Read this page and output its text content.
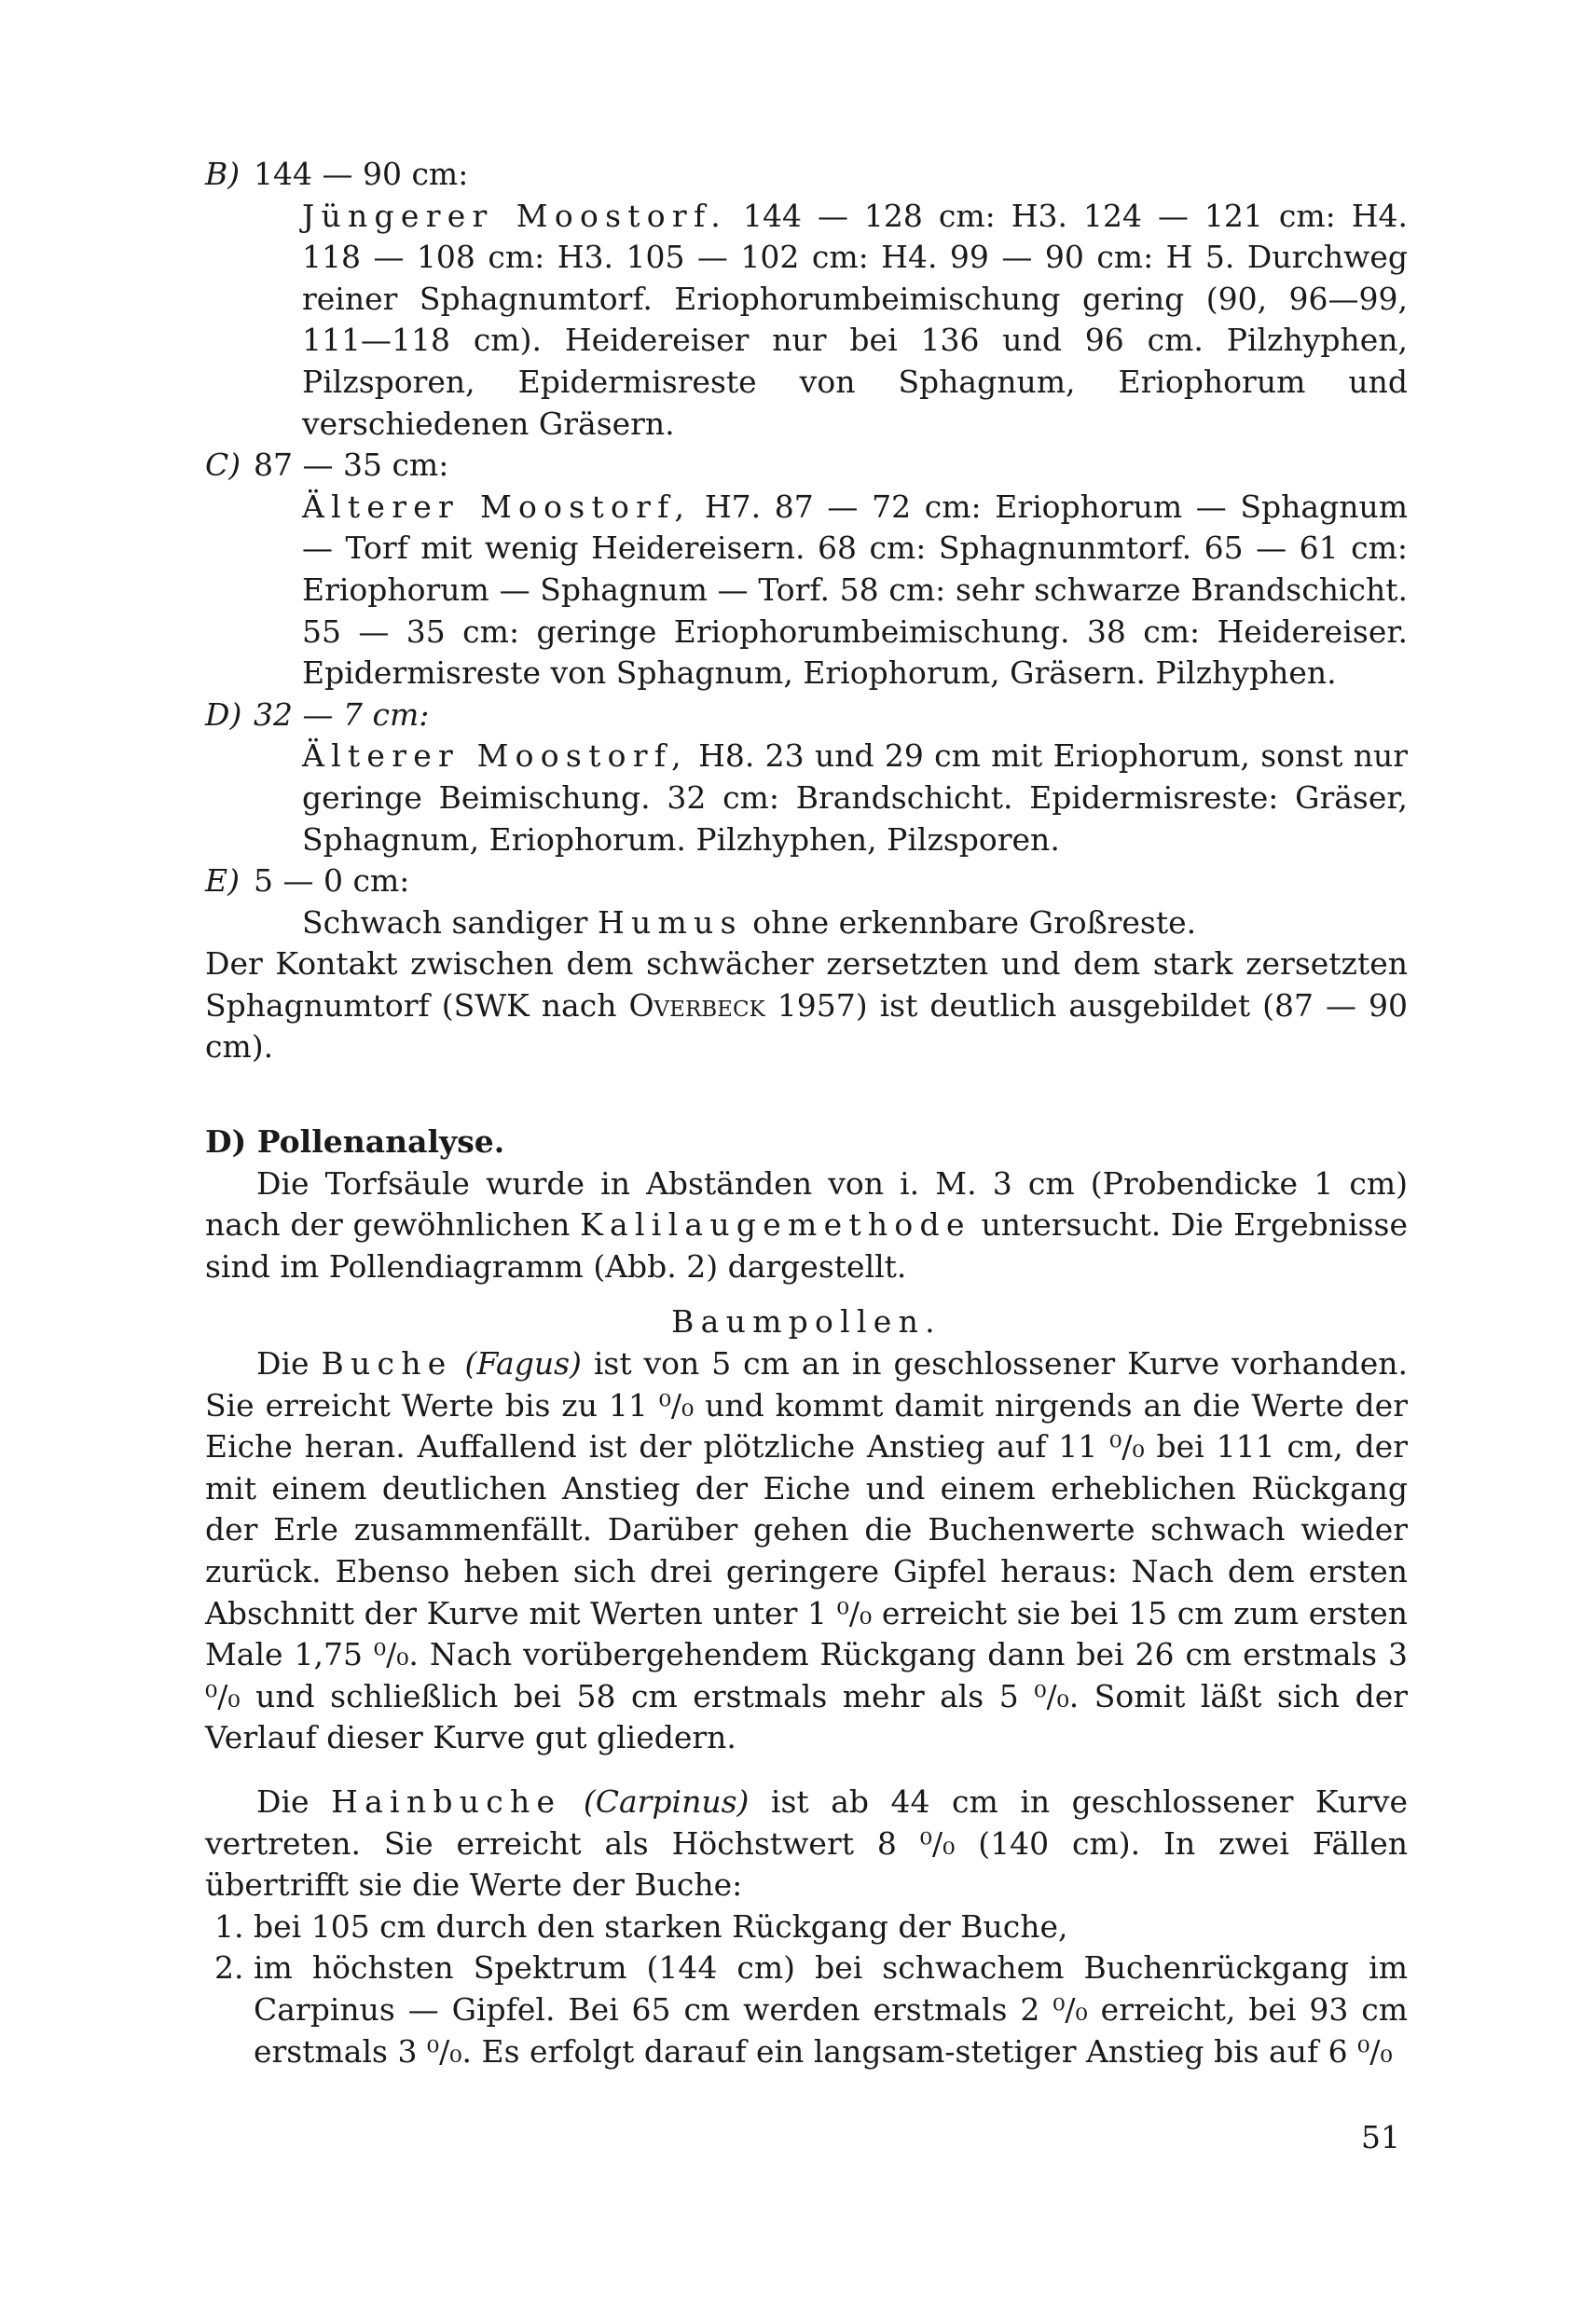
B) 144 — 90 cm:
Jüngerer Moostorf. 144 — 128 cm: H3. 124 — 121 cm: H4. 118 — 108 cm: H3. 105 — 102 cm: H4. 99 — 90 cm: H 5. Durchweg reiner Sphagnumtorf. Eriophorumbeimischung gering (90, 96—99, 111—118 cm). Heidereiser nur bei 136 und 96 cm. Pilzhyphen, Pilzsporen, Epidermisreste von Sphagnum, Eriophorum und verschiedenen Gräsern.
C) 87 — 35 cm:
Älterer Moostorf, H7. 87 — 72 cm: Eriophorum — Sphagnum — Torf mit wenig Heidereisern. 68 cm: Sphagnunmtorf. 65 — 61 cm: Eriophorum — Sphagnum — Torf. 58 cm: sehr schwarze Brandschicht. 55 — 35 cm: geringe Eriophorumbeimischung. 38 cm: Heidereiser. Epidermisreste von Sphagnum, Eriophorum, Gräsern. Pilzhyphen.
D) 32 — 7 cm:
Älterer Moostorf, H8. 23 und 29 cm mit Eriophorum, sonst nur geringe Beimischung. 32 cm: Brandschicht. Epidermisreste: Gräser, Sphagnum, Eriophorum. Pilzhyphen, Pilzsporen.
E) 5 — 0 cm:
Schwach sandiger Humus ohne erkennbare Großreste.

Der Kontakt zwischen dem schwächer zersetzten und dem stark zersetzten Sphagnumtorf (SWK nach Overbeck 1957) ist deutlich ausgebildet (87 — 90 cm).

D) Pollenanalyse.

Die Torfsäule wurde in Abständen von i. M. 3 cm (Probendicke 1 cm) nach der gewöhnlichen Kalilaugemethode untersucht. Die Ergebnisse sind im Pollendiagramm (Abb. 2) dargestellt.

Baumpollen.

Die Buche (Fagus) ist von 5 cm an in geschlossener Kurve vorhanden. Sie erreicht Werte bis zu 11 ⁰/₀ und kommt damit nirgends an die Werte der Eiche heran. Auffallend ist der plötzliche Anstieg auf 11 ⁰/₀ bei 111 cm, der mit einem deutlichen Anstieg der Eiche und einem erheblichen Rückgang der Erle zusammenfällt. Darüber gehen die Buchenwerte schwach wieder zurück. Ebenso heben sich drei geringere Gipfel heraus: Nach dem ersten Abschnitt der Kurve mit Werten unter 1 ⁰/₀ erreicht sie bei 15 cm zum ersten Male 1,75 ⁰/₀. Nach vorübergehendem Rückgang dann bei 26 cm erstmals 3 ⁰/₀ und schließlich bei 58 cm erstmals mehr als 5 ⁰/₀. Somit läßt sich der Verlauf dieser Kurve gut gliedern.

Die Hainbuche (Carpinus) ist ab 44 cm in geschlossener Kurve vertreten. Sie erreicht als Höchstwert 8 ⁰/₀ (140 cm). In zwei Fällen übertrifft sie die Werte der Buche:

1. bei 105 cm durch den starken Rückgang der Buche,
2. im höchsten Spektrum (144 cm) bei schwachem Buchenrückgang im Carpinus — Gipfel. Bei 65 cm werden erstmals 2 ⁰/₀ erreicht, bei 93 cm erstmals 3 ⁰/₀. Es erfolgt darauf ein langsam-stetiger Anstieg bis auf 6 ⁰/₀
51
